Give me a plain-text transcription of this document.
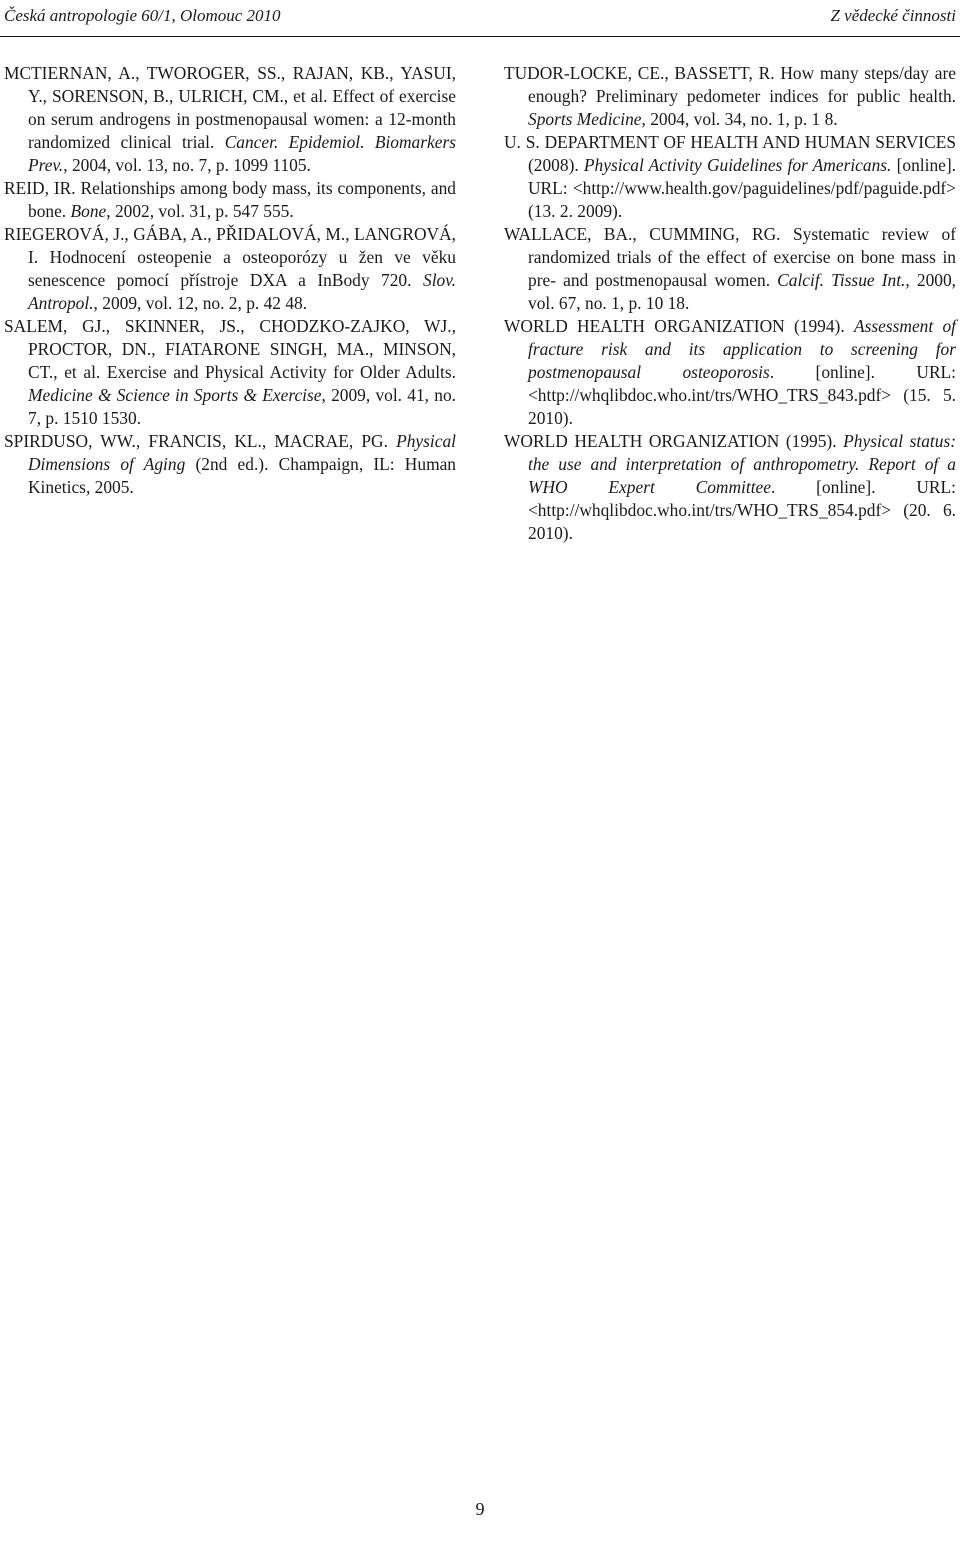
Česká antropologie 60/1, Olomouc 2010	Z vědecké činnosti

MCTIERNAN, A., TWOROGER, SS., RAJAN, KB., YASUI, Y., SORENSON, B., ULRICH, CM., et al. Effect of exercise on serum androgens in postmenopausal women: a 12-month randomized clinical trial. Cancer. Epidemiol. Biomarkers Prev., 2004, vol. 13, no. 7, p. 1099 1105.

REID, IR. Relationships among body mass, its components, and bone. Bone, 2002, vol. 31, p. 547 555.

RIEGEROVÁ, J., GÁBA, A., PŘIDALOVÁ, M., LANGROVÁ, I. Hodnocení osteopenie a osteoporózy u žen ve věku senescence pomocí přístroje DXA a InBody 720. Slov. Antropol., 2009, vol. 12, no. 2, p. 42 48.

SALEM, GJ., SKINNER, JS., CHODZKO-ZAJKO, WJ., PROCTOR, DN., FIATARONE SINGH, MA., MINSON, CT., et al. Exercise and Physical Activity for Older Adults. Medicine & Science in Sports & Exercise, 2009, vol. 41, no. 7, p. 1510 1530.

SPIRDUSO, WW., FRANCIS, KL., MACRAE, PG. Physical Dimensions of Aging (2nd ed.). Champaign, IL: Human Kinetics, 2005.

TUDOR-LOCKE, CE., BASSETT, R. How many steps/day are enough? Preliminary pedometer indices for public health. Sports Medicine, 2004, vol. 34, no. 1, p. 1 8.

U. S. DEPARTMENT OF HEALTH AND HUMAN SERVICES (2008). Physical Activity Guidelines for Americans. [online]. URL: <http://www.health.gov/paguidelines/pdf/paguide.pdf> (13. 2. 2009).

WALLACE, BA., CUMMING, RG. Systematic review of randomized trials of the effect of exercise on bone mass in pre- and postmenopausal women. Calcif. Tissue Int., 2000, vol. 67, no. 1, p. 10 18.

WORLD HEALTH ORGANIZATION (1994). Assessment of fracture risk and its application to screening for postmenopausal osteoporosis. [online]. URL: <http://whqlibdoc.who.int/trs/WHO_TRS_843.pdf> (15. 5. 2010).

WORLD HEALTH ORGANIZATION (1995). Physical status: the use and interpretation of anthropometry. Report of a WHO Expert Committee. [online]. URL: <http://whqlibdoc.who.int/trs/WHO_TRS_854.pdf> (20. 6. 2010).

9
